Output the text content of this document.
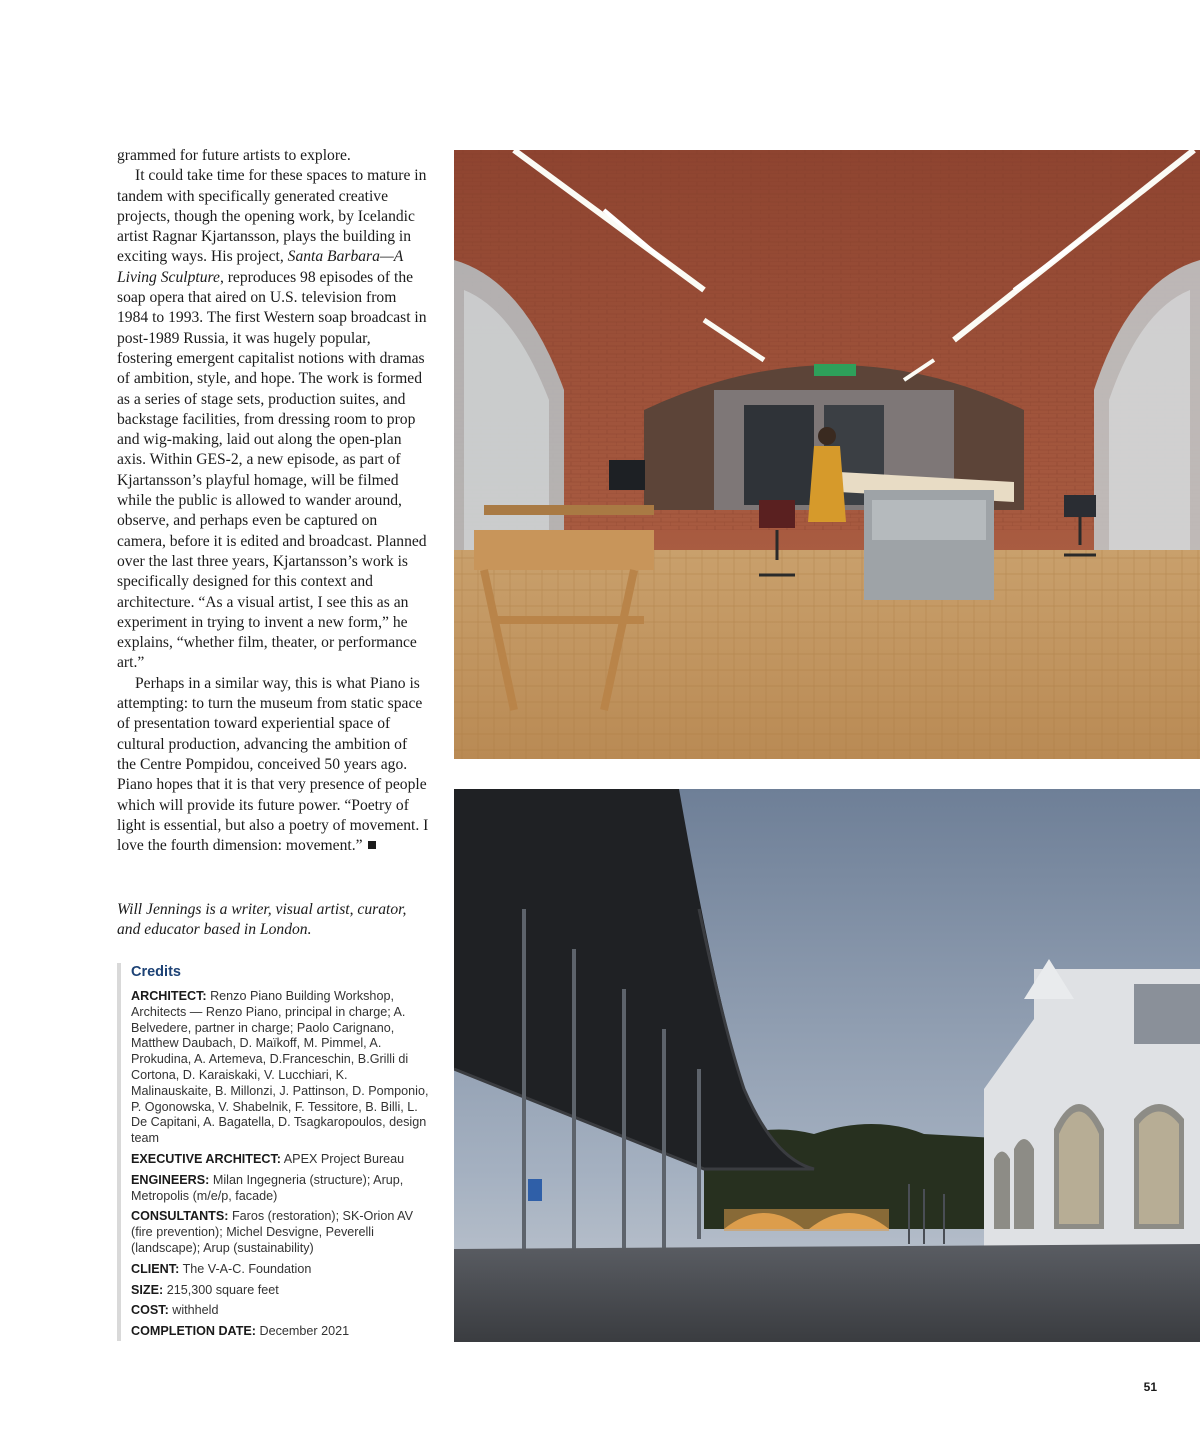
grammed for future artists to explore.

It could take time for these spaces to mature in tandem with specifically generated creative projects, though the opening work, by Icelandic artist Ragnar Kjartansson, plays the building in exciting ways. His project, Santa Barbara—A Living Sculpture, reproduces 98 episodes of the soap opera that aired on U.S. television from 1984 to 1993. The first Western soap broadcast in post-1989 Russia, it was hugely popular, fostering emergent capitalist notions with dramas of ambition, style, and hope. The work is formed as a series of stage sets, production suites, and backstage facilities, from dressing room to prop and wig-making, laid out along the open-plan axis. Within GES-2, a new episode, as part of Kjartansson’s playful homage, will be filmed while the public is allowed to wander around, observe, and perhaps even be captured on camera, before it is edited and broadcast. Planned over the last three years, Kjartansson’s work is specifically designed for this context and architecture. “As a visual artist, I see this as an experiment in trying to invent a new form,” he explains, “whether film, theater, or performance art.”

Perhaps in a similar way, this is what Piano is attempting: to turn the museum from static space of presentation toward experiential space of cultural production, advancing the ambition of the Centre Pompidou, conceived 50 years ago. Piano hopes that it is that very presence of people which will provide its future power. “Poetry of light is essential, but also a poetry of movement. I love the fourth dimension: movement.”

Will Jennings is a writer, visual artist, curator, and educator based in London.

Credits
ARCHITECT: Renzo Piano Building Workshop, Architects — Renzo Piano, principal in charge; A. Belvedere, partner in charge; Paolo Carignano, Matthew Daubach, D. Maïkoff, M. Pimmel, A. Prokudina, A. Artemeva, D.Franceschin, B.Grilli di Cortona, D. Karaiskaki, V. Lucchiari, K. Malinauskaite, B. Millonzi, J. Pattinson, D. Pomponio, P. Ogonowska, V. Shabelnik, F. Tessitore, B. Billi, L. De Capitani, A. Bagatella, D. Tsagkaropoulos, design team
EXECUTIVE ARCHITECT: APEX Project Bureau
ENGINEERS: Milan Ingegneria (structure); Arup, Metropolis (m/e/p, facade)
CONSULTANTS: Faros (restoration); SK-Orion AV (fire prevention); Michel Desvigne, Peverelli (landscape); Arup (sustainability)
CLIENT: The V-A-C. Foundation
SIZE: 215,300 square feet
COST: withheld
COMPLETION DATE: December 2021
51
